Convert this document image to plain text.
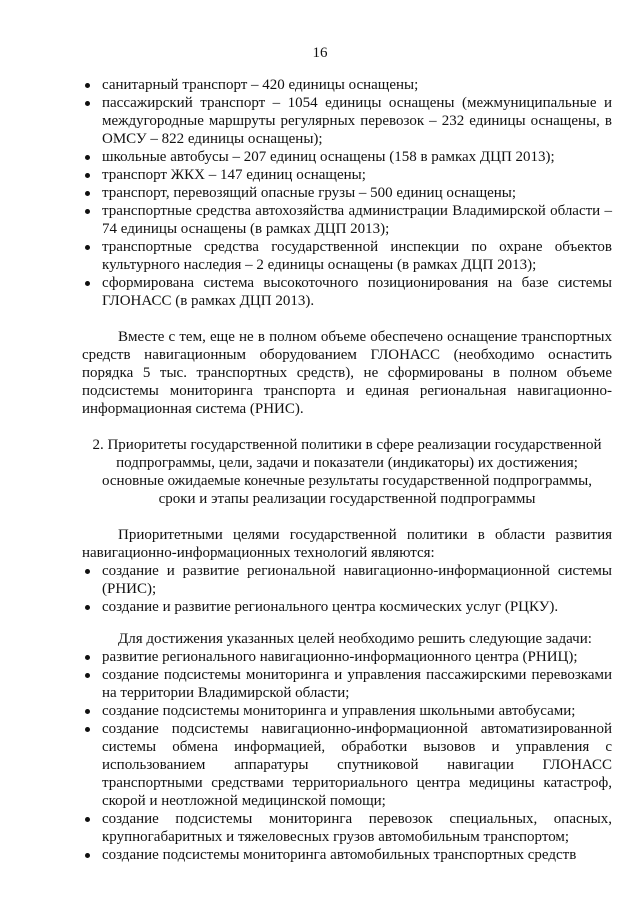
16
санитарный транспорт – 420 единицы оснащены;
пассажирский транспорт – 1054 единицы оснащены (межмуниципальные и междугородные маршруты регулярных перевозок – 232 единицы оснащены, в ОМСУ – 822 единицы оснащены);
школьные автобусы – 207 единиц оснащены (158 в рамках ДЦП 2013);
транспорт ЖКХ – 147 единиц оснащены;
транспорт, перевозящий опасные грузы – 500 единиц оснащены;
транспортные средства автохозяйства администрации Владимирской области – 74 единицы оснащены (в рамках ДЦП 2013);
транспортные средства государственной инспекции по охране объектов культурного наследия – 2 единицы оснащены (в рамках ДЦП 2013);
сформирована система высокоточного позиционирования на базе системы ГЛОНАСС (в рамках ДЦП 2013).

Вместе с тем, еще не в полном объеме обеспечено оснащение транспортных средств навигационным оборудованием ГЛОНАСС (необходимо оснастить порядка 5 тыс. транспортных средств), не сформированы в полном объеме подсистемы мониторинга транспорта и единая региональная навигационно-информационная система (РНИС).

2. Приоритеты государственной политики в сфере реализации государственной подпрограммы, цели, задачи и показатели (индикаторы) их достижения; основные ожидаемые конечные результаты государственной подпрограммы, сроки и этапы реализации государственной подпрограммы

Приоритетными целями государственной политики в области развития навигационно-информационных технологий являются:

создание и развитие региональной навигационно-информационной системы (РНИС);
создание и развитие регионального центра космических услуг (РЦКУ).

Для достижения указанных целей необходимо решить следующие задачи:

развитие регионального навигационно-информационного центра (РНИЦ);
создание подсистемы мониторинга и управления пассажирскими перевозками на территории Владимирской области;
создание подсистемы мониторинга и управления школьными автобусами;
создание подсистемы навигационно-информационной автоматизированной системы обмена информацией, обработки вызовов и управления с использованием аппаратуры спутниковой навигации ГЛОНАСС транспортными средствами территориального центра медицины катастроф, скорой и неотложной медицинской помощи;
создание подсистемы мониторинга перевозок специальных, опасных, крупногабаритных и тяжеловесных грузов автомобильным транспортом;
создание подсистемы мониторинга автомобильных транспортных средств
